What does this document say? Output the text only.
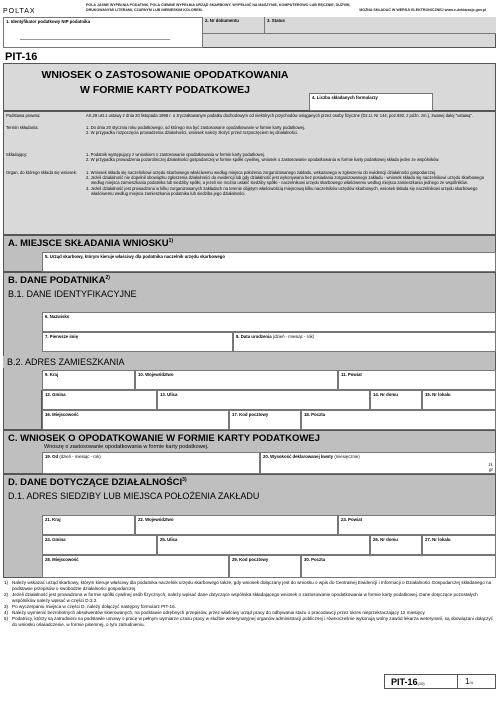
POLTAX
POLA JASNE WYPEŁNIA PODATNIK, POLA CIEMNE WYPEŁNIA URZĄD SKARBOWY. WYPEŁNIĆ NA MASZYNIE, KOMPUTEROWO LUB RĘCZNIE, DUŻYMI,
DRUKOWANYMI LITERAMI, CZARNYM LUB NIEBIESKIM KOLOREM.	MOŻNA SKŁADAĆ W WERSJI ELEKTRONICZNEJ www.e-deklaracje.gov.pl
1. Identyfikator podatkowy NIP podatnika	2. Nr dokumentu	3. Status
PIT-16
WNIOSEK O ZASTOSOWANIE OPODATKOWANIA
W FORMIE KARTY PODATKOWEJ
4. Liczba składanych formularzy
Podstawa prawna:	Art.29 ust.1 ustawy z dnia 20 listopada 1998 r. o zryczałtowanym podatku dochodowym od niektórych przychodów osiąganych przez osoby fizyczne (Dz.U. Nr 144, poz.930, z późn. zm.), zwanej dalej "ustawą".
Termin składania:	1. Do dnia 20 stycznia roku podatkowego, od którego ma być zastosowane opodatkowanie w formie karty podatkowej.
2. W przypadku rozpoczęcia prowadzenia działalności, wniosek należy złożyć przed rozpoczęciem tej działalności.
Składający:	1. Podatnik występujący z wnioskiem o zastosowanie opodatkowania w formie karty podatkowej.
2. W przypadku prowadzenia pozarolniczej działalności gospodarczej w formie spółki cywilnej, wniosek o zastosowanie opodatkowania w formie karty podatkowej składa jeden ze wspólników.
Organ, do którego składa się wniosek:	1. Wniosek składa się naczelnikowi urzędu skarbowego właściwemu według miejsca położenia zorganizowanego zakładu, wskazanego w zgłoszeniu do ewidencji działalności gospodarczej.
2. Jeżeli działalność nie dopełnił obowiązku zgłoszenia działalności do ewidencji lub gdy działalność jest wykonywana bez posiadania zorganizowanego zakładu - wniosek składa się naczelnikowi urzędu skarbowego według miejsca zamieszkania podatnika lub siedziby spółki, a jeżeli nie można ustalić siedziby spółki - naczelnikowi urzędu skarbowego właściwemu według miejsca zamieszkania jednego ze wspólników.
3. Jeżeli działalność jest prowadzona w kilku zorganizowanych zakładach na terenie objętym właściwością miejscową kilku naczelników urzędów skarbowych, wniosek składa się naczelnikowi urzędu skarbowego właściwemu według miejsca zamieszkania podatnika lub siedziba jego działalności.
A. MIEJSCE SKŁADANIA WNIOSKU$^{1)}$
5. Urząd skarbowy, którym kieruje właściwy dla podatnika naczelnik urzędu skarbowego
B. DANE PODATNIKA$^{2)}$
B.1. DANE IDENTYFIKACYJNE
6. Nazwisko
7. Pierwsze imię	8. Data urodzenia (dzień - miesiąc - rok)
B.2. ADRES ZAMIESZKANIA
9. Kraj	10. Województwo	11. Powiat
12. Gmina	13. Ulica	14. Nr domu	15. Nr lokalu
16. Miejscowość	17. Kod pocztowy	18. Poczta
C. WNIOSEK O OPODATKOWANIE W FORMIE KARTY PODATKOWEJ
Wnoszę o zastosowanie opodatkowania w formie karty podatkowej.
19. Od (dzień - miesiąc - rok)	20. Wysokość deklarowanej kwoty (miesięcznie)
zł,
gr
D. DANE DOTYCZĄCE DZIAŁALNOŚCI$^{3)}$
D.1. ADRES SIEDZIBY LUB MIEJSCA POŁOŻENIA ZAKŁADU
21. Kraj	22. Województwo	23. Powiat
24. Gmina	25. Ulica	26. Nr domu	27. Nr lokalu
28. Miejscowość	29. Kod pocztowy	30. Poczta
1) Należy wskazać urząd skarbowy, którym kieruje właściwy dla podatnika naczelnik urzędu skarbowego także, gdy wniosek dołączany jest do wniosku o wpis do Centralnej Ewidencji i Informacji o Działalności Gospodarczej składanego na podstawie przepisów o swobodzie działalności gospodarczej.
2) Jeżeli działalność jest prowadzona w formie spółki cywilnej osób fizycznych, należy wpisać dane dotyczące wspólnika składającego wniosek o zastosowanie opodatkowania w formie karty podatkowej. Dane dotyczące pozostałych wspólników należy wpisać w części D.3.2.
3) Po wyczerpaniu miejsca w części D, należy dołączyć następny formularz PIT-16.
4) Należy wymienić bezrobotnych absolwentów skierowanych, na podstawie odrębnych przepisów, przez właściwy urząd pracy do odbywania stażu u pracodawcy przez okres nieprzekraczający 12 miesięcy.
5) Podatnicy, którzy są zatrudnieni na podstawie umowy o pracę w pełnym wymiarze czasu pracy w służbie weterynaryjnej organów administracji publicznej i równocześnie wykonują wolny zawód lekarza weterynarii, są obowiązani dołączyć do wniosku oświadczenie, w formie pisemnej, o tym zatrudnieniu.
PIT-16(10)	1/4
